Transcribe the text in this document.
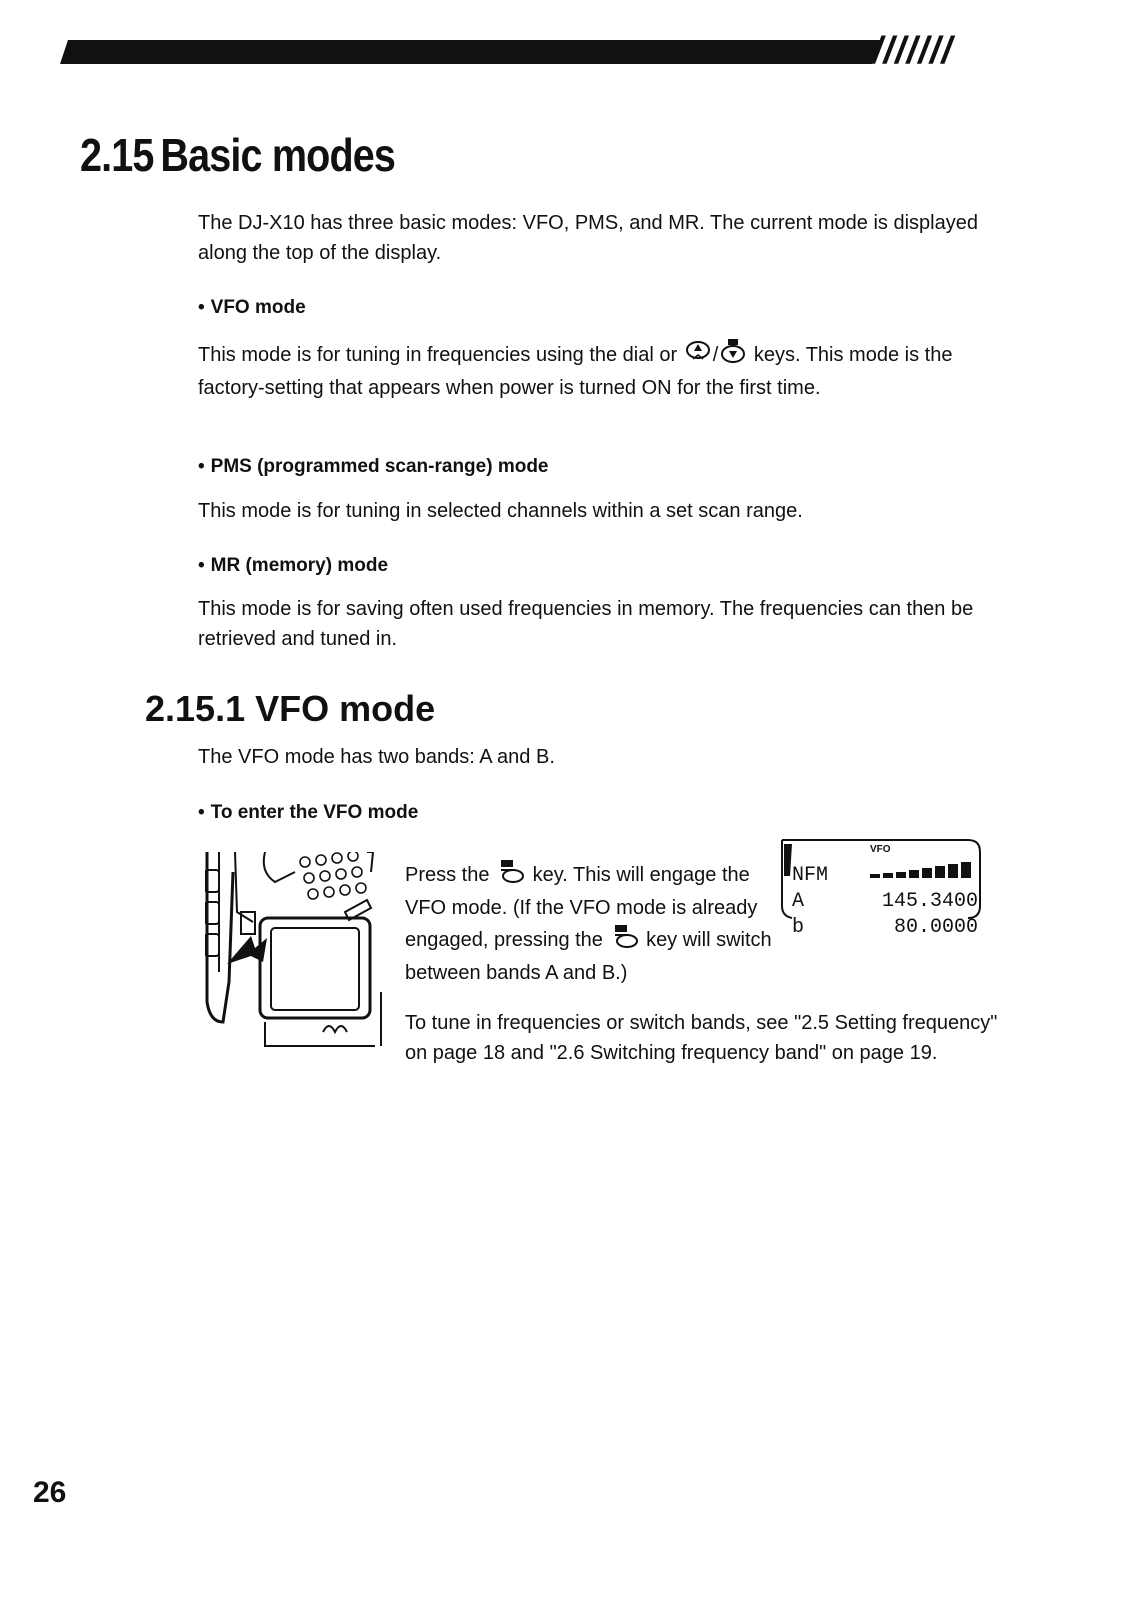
///////
2.15 Basic modes

The DJ-X10 has three basic modes: VFO, PMS, and MR. The current mode is displayed along the top of the display.

• VFO mode

This mode is for tuning in frequencies using the dial or / keys. This mode is the factory-setting that appears when power is turned ON for the first time.

• PMS (programmed scan-range) mode

This mode is for tuning in selected channels within a set scan range.

• MR (memory) mode

This mode is for saving often used frequencies in memory. The frequencies can then be retrieved and tuned in.

2.15.1 VFO mode

The VFO mode has two bands: A and B.

• To enter the VFO mode

Press the key. This will engage the VFO mode. (If the VFO mode is already engaged, pressing the key will switch between bands A and B.)

VFO
NFM
A	145.3400
b	80.0000

To tune in frequencies or switch bands, see "2.5 Setting frequency" on page 18 and "2.6 Switching frequency band" on page 19.

26
